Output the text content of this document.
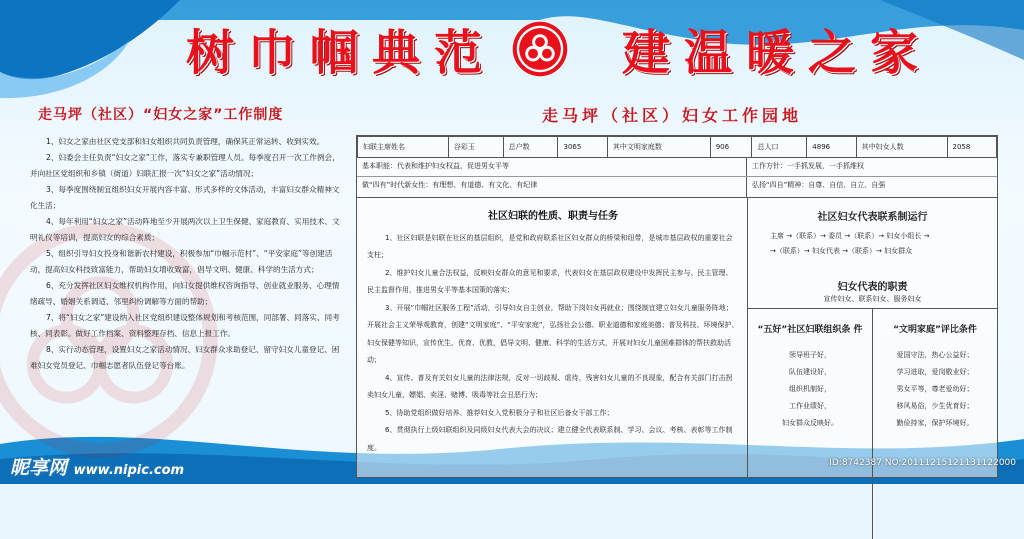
树巾帼典范	建温暖之家
走马坪（社区）“妇女之家”工作制度

1、妇女之家由社区党支部和妇女组织共同负责管理，确保其正常运转、收到实效。

2、妇委会主任负责“妇女之家”工作，落实专兼职管理人员。每季度召开一次工作例会，并向社区党组织和乡镇（街道）妇联汇报一次“妇女之家”活动情况；

3、每季度围绕制宜组织妇女开展内容丰富、形式多样的文体活动，丰富妇女群众精神文化生活；

4、每年利用“妇女之家”活动阵地至少开展两次以上卫生保健、家庭教育、实用技术、文明礼仪等培训，提高妇女的综合素质；

5、组织引导妇女投身和谐新农村建设，积极参加“巾帼示范村”、“平安家庭”等创建活动，提高妇女科技致富能力，帮助妇女增收致富，倡导文明、健康、科学的生活方式；

6、充分发挥社区妇女维权机构作用，向妇女提供维权咨询指导、创业就业服务、心理情绪疏导、婚姻关系调适、邻里纠纷调解等方面的帮助；

7、将“妇女之家”建设纳入社区党组织建设整体规划和考核范围，同部署、同落实、同考核、同表彰。做好工作档案、资料整理存档、信息上报工作。

8、实行动态管理，设置妇女之家活动情况、妇女群众求助登记、留守妇女儿童登记、困难妇女党员登记、巾帼志愿者队伍登记等台账。

走马坪（社区）妇女工作园地
妇联主席姓名	谷彩玉	总户数	3065	其中文明家庭数	906	总人口	4896	其中妇女人数	2058
基本职能：代表和维护妇女权益，促进男女平等	工作方针：一手抓发展，一手抓维权
做“四有”时代新女性：有理想、有道德、有文化、有纪律	弘扬“四自”精神：自尊、自信、自立、自强
社区妇联的性质、职责与任务

1、社区妇联是妇联在社区的基层组织，是党和政府联系社区妇女群众的桥梁和纽带，是城市基层政权的重要社会支柱；

2、维护妇女儿童合法权益，反映妇女群众的意见和要求，代表妇女在基层政权建设中发挥民主参与、民主管理、民主监督作用，推进男女平等基本国策的落实；

3、开展“巾帼社区服务工程”活动，引导妇女自主创业，帮助下岗妇女再就业；围绕制宜建立妇女儿童服务阵地；开展社会主义荣辱观教育，创建“文明家庭”、“平安家庭”，弘扬社会公德、职业道德和家庭美德；普及科技、环境保护、妇女保健等知识，宣传优生、优育、优教，倡导文明、健康、科学的生活方式，开展对妇女儿童困难群体的帮扶救助活动；

4、宣传、普及有关妇女儿童的法律法规，反对一切歧视、虐待、残害妇女儿童的不良现象，配合有关部门打击拐卖妇女儿童、嫖娼、卖淫、赌博、吸毒等社会丑恶行为；

5、协助党组织做好培养、推荐妇女入党积极分子和社区后备女干部工作；

6、贯彻执行上级妇联组织及同级妇女代表大会的决议；建立健全代表联系制、学习、会议、考核、表彰等工作制度。

社区妇女代表联系制运行
主席 →（联系）→ 委员 →（联系）→ 妇女小组长 →
→（联系）→ 妇女代表 →（联系）→ 妇女群众
妇女代表的职责
宣传妇女、联系妇女、服务妇女
“五好”社区妇联组织条 件
领导班子好，
队伍建设好，
组织机制好，
工作业绩好，
妇女群众反映好。
“文明家庭”评比条件
爱国守法，热心公益好；
学习进取，爱岗敬业好；
男女平等，尊老爱幼好；
移风易俗，少生优育好；
勤俭持家，保护环境好。
昵享网 www.nipic.com	ID:8742387 NO:20111215121131122000
